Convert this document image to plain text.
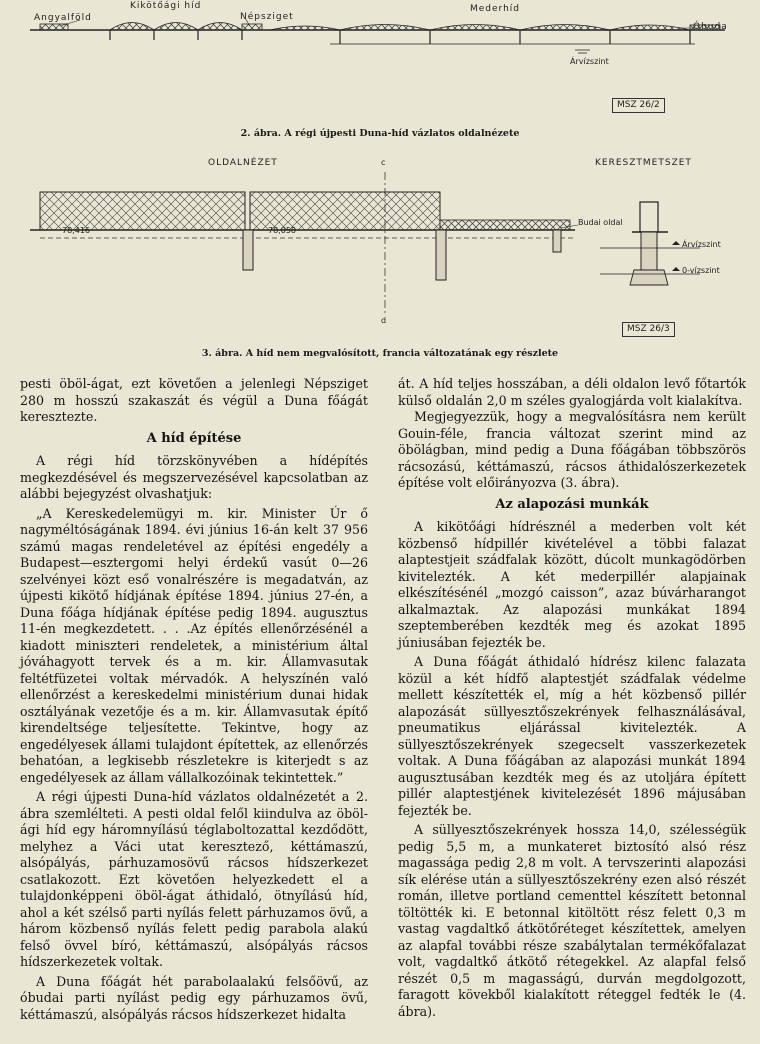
Angyalföld
Kikötőági híd
Népsziget
Mederhíd
Óbuda
Árvízszint
MSZ 26/2
2. ábra. A régi újpesti Duna-híd vázlatos oldalnézete
OLDALNÉZET	KERESZTMETSZET
c
d
78,416	78,058
Budai oldal
Árvízszint
0-vízszint
MSZ 26/3
3. ábra. A híd nem megvalósított, francia változatának egy részlete

pesti öböl-ágat, ezt követően a jelenlegi Népsziget 280 m hosszú szakaszát és végül a Duna főágát keresztezte.

A híd építése

A régi híd törzskönyvében a hídépítés megkezdésével és megszervezésével kapcsolatban az alábbi bejegyzést olvashatjuk:

„A Kereskedelemügyi m. kir. Minister Úr ő nagyméltóságának 1894. évi június 16-án kelt 37 956 számú magas rendeletével az építési engedély a Budapest—esztergomi helyi érdekű vasút 0—26 szelvényei közt eső vonalrészére is megadatván, az újpesti kikötő hídjának építése 1894. június 27-én, a Duna főága hídjának építése pedig 1894. augusztus 11-én megkezdetett. . . .Az építés ellenőrzésénél a kiadott miniszteri rendeletek, a ministérium által jóváhagyott tervek és a m. kir. Államvasutak feltétfüzetei voltak mérvadók. A helyszínén való ellenőrzést a kereskedelmi ministérium dunai hidak osztályának vezetője és a m. kir. Államvasutak építő kirendeltsége teljesítette. Tekintve, hogy az engedélyesek állami tulajdont építettek, az ellenőrzés behatóan, a legkisebb részletekre is kiterjedt s az engedélyesek az állam vállalkozóinak tekintettek.”

A régi újpesti Duna-híd vázlatos oldalnézetét a 2. ábra szemlélteti. A pesti oldal felől kiindulva az öböl-ági híd egy háromnyílású téglaboltozattal kezdődött, melyhez a Váci utat keresztező, kéttámaszú, alsópályás, párhuzamosövű rácsos hídszerkezet csatlakozott. Ezt követően helyezkedett el a tulajdonképpeni öböl-ágat áthidaló, ötnyílású híd, ahol a két szélső parti nyílás felett párhuzamos övű, a három közbenső nyílás felett pedig parabola alakú felső övvel bíró, kéttámaszú, alsópályás rácsos hídszerkezetek voltak.

A Duna főágát hét parabolaalakú felsőövű, az óbudai parti nyílást pedig egy párhuzamos övű, kéttámaszú, alsópályás rácsos hídszerkezet hidalta

át. A híd teljes hosszában, a déli oldalon levő főtartók külső oldalán 2,0 m széles gyalogjárda volt kialakítva.

Megjegyezzük, hogy a megvalósításra nem került Gouin-féle, francia változat szerint mind az öbölágban, mind pedig a Duna főágában többszörös rácsozású, kéttámaszú, rácsos áthidalószerkezetek építése volt előirányozva (3. ábra).

Az alapozási munkák

A kikötőági hídrésznél a mederben volt két közbenső hídpillér kivételével a többi falazat alaptestjeit szádfalak között, dúcolt munkagödörben kivitelezték. A két mederpillér alapjainak elkészítésénél „mozgó caisson”, azaz búvárharangot alkalmaztak. Az alapozási munkákat 1894 szeptemberében kezdték meg és azokat 1895 júniusában fejezték be.

A Duna főágát áthidaló hídrész kilenc falazata közül a két hídfő alaptestjét szádfalak védelme mellett készítették el, míg a hét közbenső pillér alapozását süllyesztőszekrények felhasználásával, pneumatikus eljárással kivitelezték. A süllyesztőszekrények szegecselt vasszerkezetek voltak. A Duna főágában az alapozási munkát 1894 augusztusában kezdték meg és az utoljára épített pillér alaptestjének kivitelezését 1896 májusában fejezték be.

A süllyesztőszekrények hossza 14,0, szélességük pedig 5,5 m, a munkateret biztosító alsó rész magassága pedig 2,8 m volt. A tervszerinti alapozási sík elérése után a süllyesztőszekrény ezen alsó részét román, illetve portland cementtel készített betonnal töltötték ki. E betonnal kitöltött rész felett 0,3 m vastag vagdaltkő átkötőréteget készítettek, amelyen az alapfal további része szabálytalan termékőfalazat volt, vagdaltkő átkötő rétegekkel. Az alapfal felső részét 0,5 m magasságú, durván megdolgozott, faragott kövekből kialakított réteggel fedték le (4. ábra).
